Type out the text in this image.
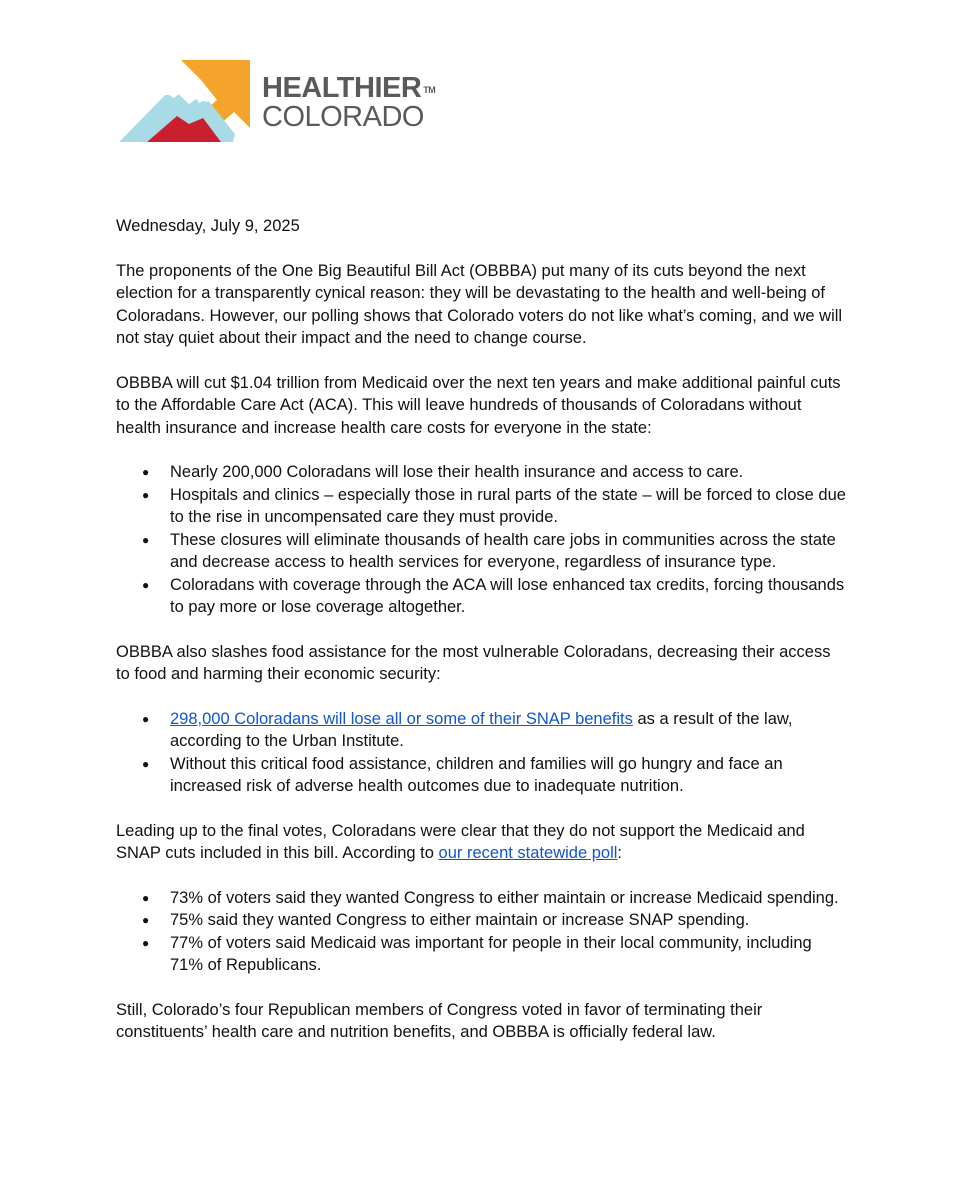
HEALTHIER ™
COLORADO

Wednesday, July 9, 2025

The proponents of the One Big Beautiful Bill Act (OBBBA) put many of its cuts beyond the next election for a transparently cynical reason: they will be devastating to the health and well-being of Coloradans. However, our polling shows that Colorado voters do not like what’s coming, and we will not stay quiet about their impact and the need to change course.

OBBBA will cut $1.04 trillion from Medicaid over the next ten years and make additional painful cuts to the Affordable Care Act (ACA). This will leave hundreds of thousands of Coloradans without health insurance and increase health care costs for everyone in the state:

● Nearly 200,000 Coloradans will lose their health insurance and access to care.
● Hospitals and clinics – especially those in rural parts of the state – will be forced to close due to the rise in uncompensated care they must provide.
● These closures will eliminate thousands of health care jobs in communities across the state and decrease access to health services for everyone, regardless of insurance type.
● Coloradans with coverage through the ACA will lose enhanced tax credits, forcing thousands to pay more or lose coverage altogether.

OBBBA also slashes food assistance for the most vulnerable Coloradans, decreasing their access to food and harming their economic security:

● 298,000 Coloradans will lose all or some of their SNAP benefits as a result of the law, according to the Urban Institute.
● Without this critical food assistance, children and families will go hungry and face an increased risk of adverse health outcomes due to inadequate nutrition.

Leading up to the final votes, Coloradans were clear that they do not support the Medicaid and SNAP cuts included in this bill. According to our recent statewide poll:

● 73% of voters said they wanted Congress to either maintain or increase Medicaid spending.
● 75% said they wanted Congress to either maintain or increase SNAP spending.
● 77% of voters said Medicaid was important for people in their local community, including 71% of Republicans.

Still, Colorado’s four Republican members of Congress voted in favor of terminating their constituents’ health care and nutrition benefits, and OBBBA is officially federal law.
